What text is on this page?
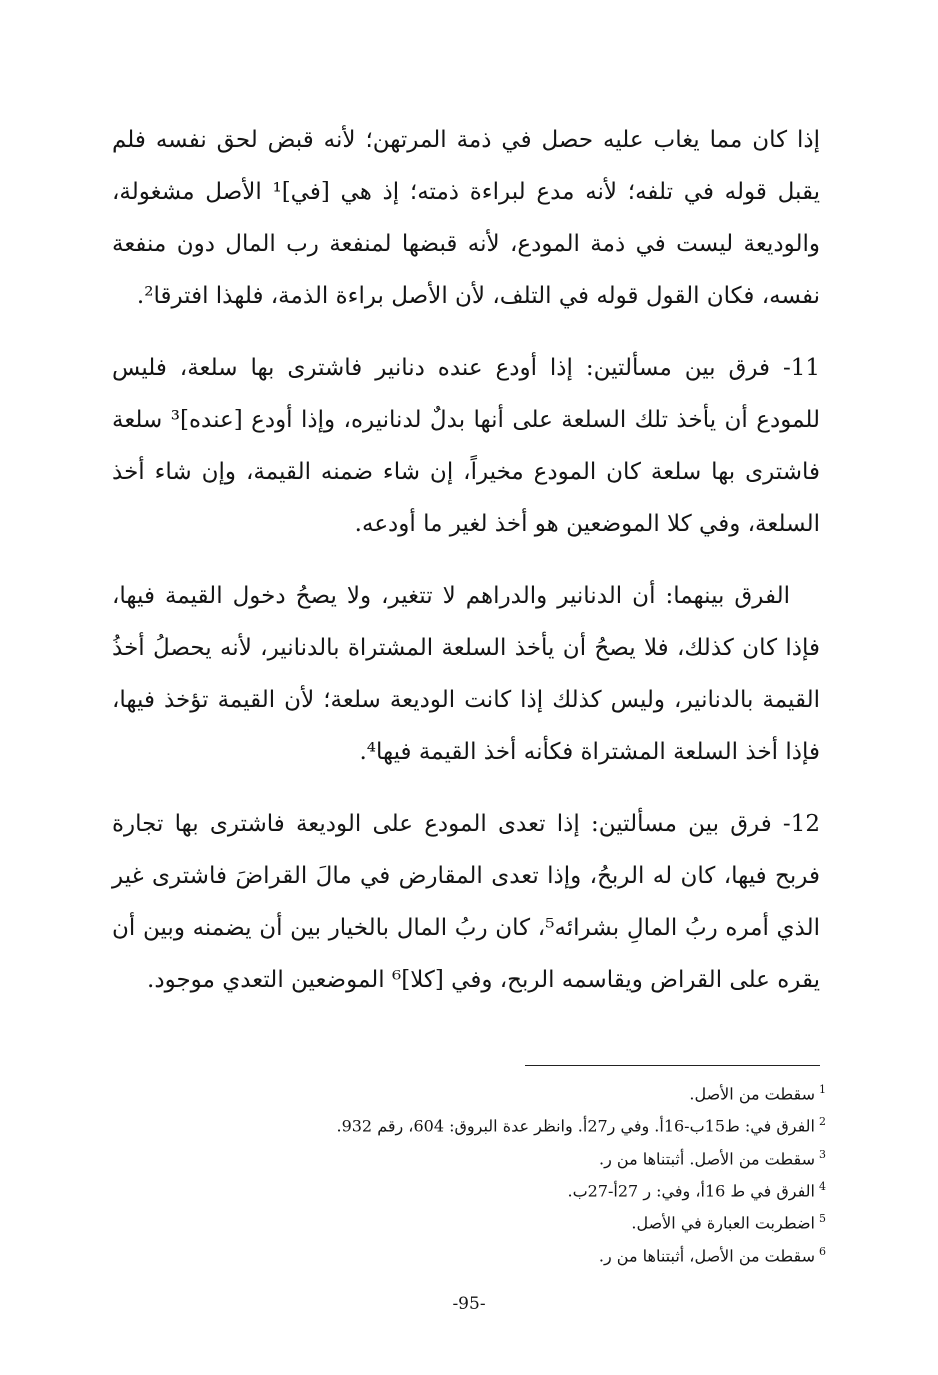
إذا كان مما يغاب عليه حصل في ذمة المرتهن؛ لأنه قبض لحق نفسه فلم يقبل قوله في تلفه؛ لأنه مدع لبراءة ذمته؛ إذ هي [في]¹ الأصل مشغولة، والوديعة ليست في ذمة المودع، لأنه قبضها لمنفعة رب المال دون منفعة نفسه، فكان القول قوله في التلف، لأن الأصل براءة الذمة، فلهذا افترقا².

11- فرق بين مسألتين: إذا أودع عنده دنانير فاشترى بها سلعة، فليس للمودع أن يأخذ تلك السلعة على أنها بدلٌ لدنانيره، وإذا أودع [عنده]³ سلعة فاشترى بها سلعة كان المودع مخيراً، إن شاء ضمنه القيمة، وإن شاء أخذ السلعة، وفي كلا الموضعين هو أخذ لغير ما أودعه.

الفرق بينهما: أن الدنانير والدراهم لا تتغير، ولا يصحُ دخول القيمة فيها، فإذا كان كذلك، فلا يصحُ أن يأخذ السلعة المشتراة بالدنانير، لأنه يحصلُ أخذُ القيمة بالدنانير، وليس كذلك إذا كانت الوديعة سلعة؛ لأن القيمة تؤخذ فيها، فإذا أخذ السلعة المشتراة فكأنه أخذ القيمة فيها⁴.

12- فرق بين مسألتين: إذا تعدى المودع على الوديعة فاشترى بها تجارة فربح فيها، كان له الربحُ، وإذا تعدى المقارض في مالَ القراضَ فاشترى غير الذي أمره ربُ المالِ بشرائه⁵، كان ربُ المال بالخيار بين أن يضمنه وبين أن يقره على القراض ويقاسمه الربح، وفي [كلا]⁶ الموضعين التعدي موجود.

$^1$سقطت من الأصل.
$^2$الفرق في: ط15ب-16أ. وفي ر27أ. وانظر عدة البروق: 604، رقم 932.
$^3$سقطت من الأصل. أثبتناها من ر.
$^4$الفرق في ط 16أ، وفي: ر 27أ-27ب.
$^5$اضطربت العبارة في الأصل.
$^6$سقطت من الأصل، أثبتناها من ر.
-95-
